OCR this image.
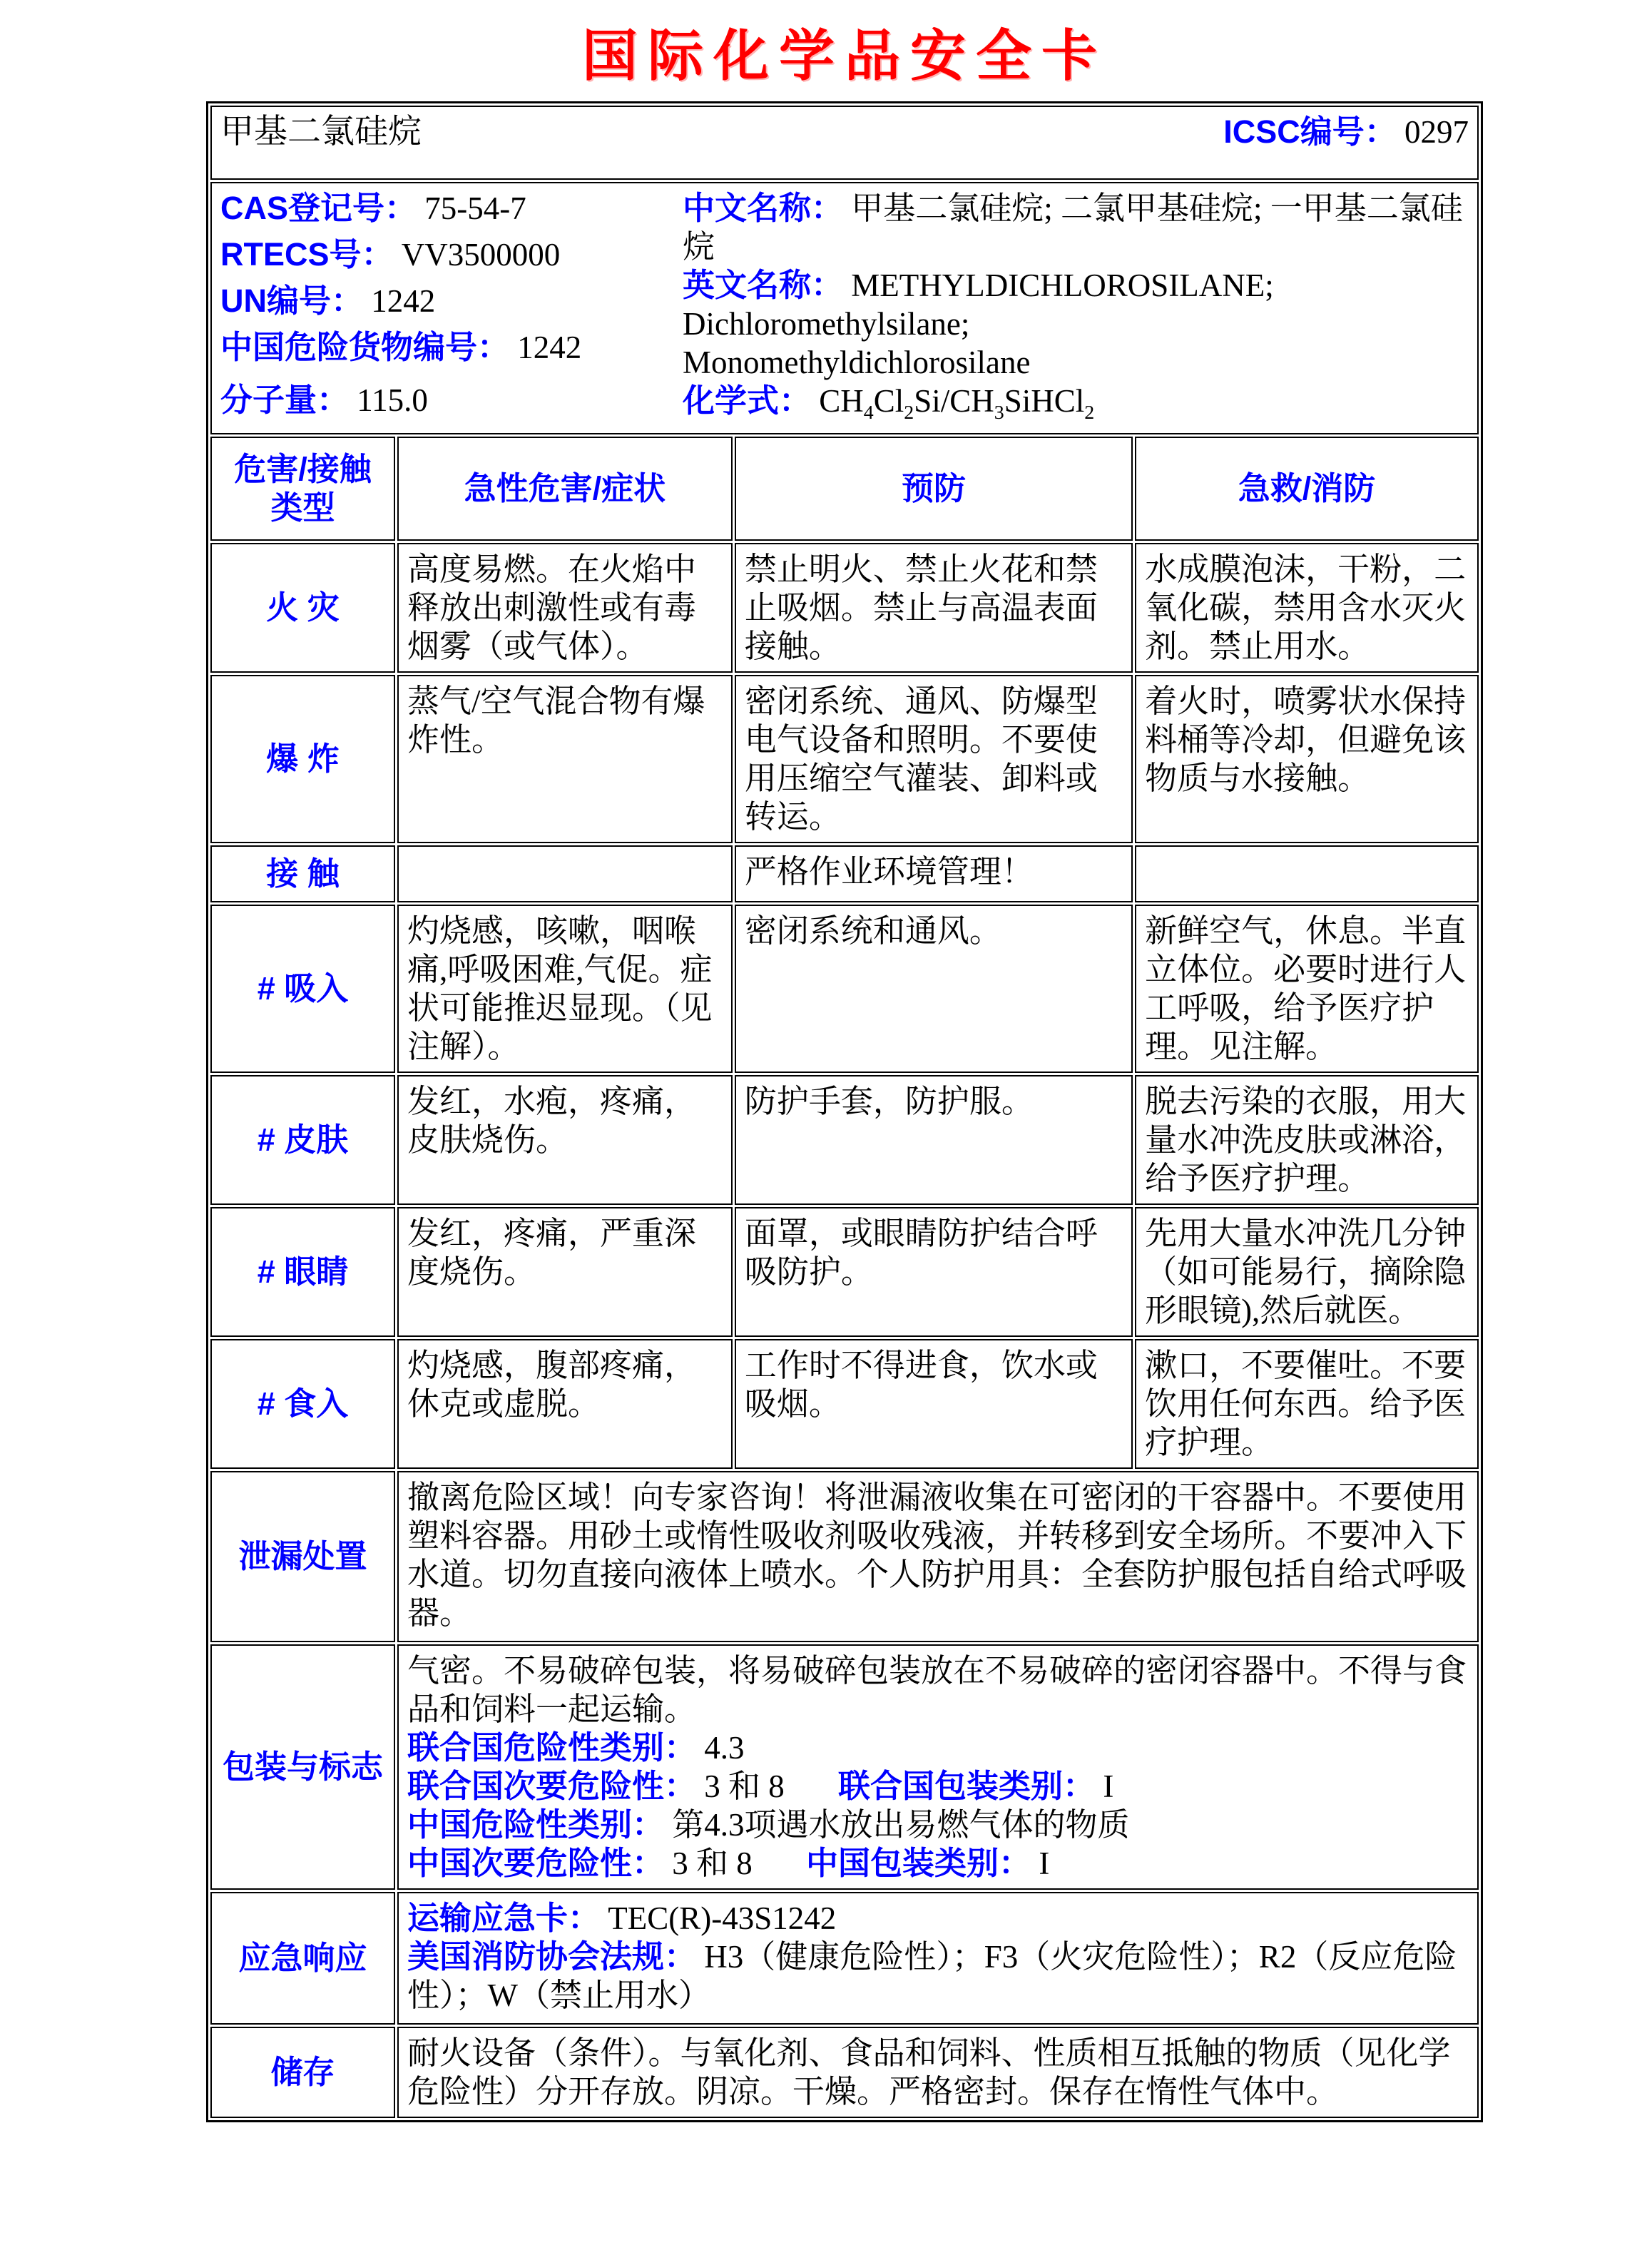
国际化学品安全卡
甲基二氯硅烷 ICSC编号： 0297			

CAS登记号： 75-54-7
RTECS号： VV3500000
UN编号： 1242
中国危险货物编号： 1242
分子量： 115.0
中文名称： 甲基二氯硅烷; 二氯甲基硅烷; 一甲基二氯硅烷
英文名称： METHYLDICHLOROSILANE;
Dichloromethylsilane;
Monomethyldichlorosilane
化学式： $CH_4Cl_2Si/CH_3SiHCl_2$

危害/接触 类型	急性危害/症状	预防	急救/消防
火 灾	高度易燃。在火焰中释放出刺激性或有毒烟雾（或气体）。	禁止明火、禁止火花和禁止吸烟。禁止与高温表面接触。	水成膜泡沫，干粉，二氧化碳，禁用含水灭火剂。禁止用水。
爆 炸	蒸气/空气混合物有爆炸性。	密闭系统、通风、防爆型电气设备和照明。不要使用压缩空气灌装、卸料或转运。	着火时，喷雾状水保持料桶等冷却，但避免该物质与水接触。
接 触		严格作业环境管理！	
# 吸入	灼烧感，咳嗽，咽喉痛,呼吸困难,气促。症状可能推迟显现。（见注解）。	密闭系统和通风。	新鲜空气，休息。半直立体位。必要时进行人工呼吸，给予医疗护理。见注解。
# 皮肤	发红，水疱，疼痛，皮肤烧伤。	防护手套，防护服。	脱去污染的衣服，用大量水冲洗皮肤或淋浴，给予医疗护理。
# 眼睛	发红，疼痛，严重深度烧伤。	面罩，或眼睛防护结合呼吸防护。	先用大量水冲洗几分钟（如可能易行，摘除隐形眼镜),然后就医。
# 食入	灼烧感，腹部疼痛，休克或虚脱。	工作时不得进食，饮水或吸烟。	漱口，不要催吐。不要饮用任何东西。给予医疗护理。
泄漏处置	撤离危险区域！向专家咨询！将泄漏液收集在可密闭的干容器中。不要使用塑料容器。用砂土或惰性吸收剂吸收残液，并转移到安全场所。不要冲入下水道。切勿直接向液体上喷水。个人防护用具：全套防护服包括自给式呼吸器。		
包装与标志	气密。不易破碎包装，将易破碎包装放在不易破碎的密闭容器中。不得与食品和饲料一起运输。
联合国危险性类别： 4.3
联合国次要危险性： 3 和 8 联合国包装类别： I
中国危险性类别： 第4.3项遇水放出易燃气体的物质
中国次要危险性： 3 和 8 中国包装类别： I		

应急响应	运输应急卡： TEC(R)-43S1242
美国消防协会法规： H3（健康危险性）；F3（火灾危险性）；R2（反应危险性）；W（禁止用水）		

储存	耐火设备（条件）。与氧化剂、食品和饲料、性质相互抵触的物质（见化学危险性）分开存放。阴凉。干燥。严格密封。保存在惰性气体中。		
